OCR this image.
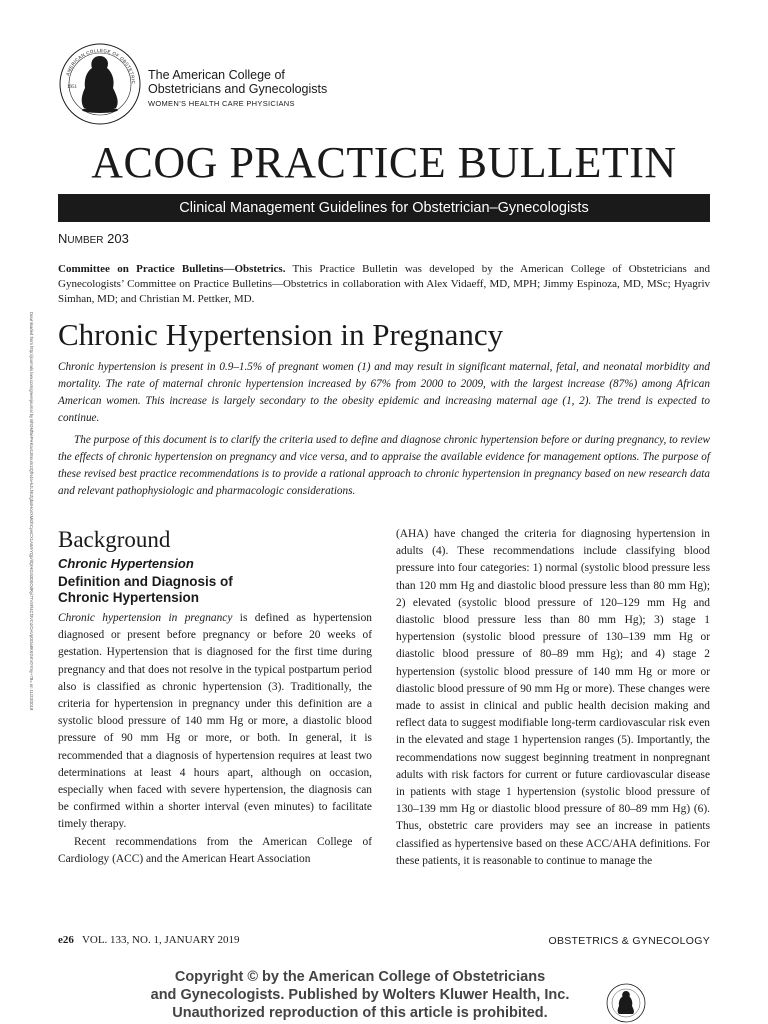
1951
AMERICAN COLLEGE OF OBSTETRIC
The American College of
Obstetricians and Gynecologists
WOMEN’S HEALTH CARE PHYSICIANS
ACOG PRACTICE BULLETIN
Clinical Management Guidelines for Obstetrician–Gynecologists
NUMBER 203
Committee on Practice Bulletins—Obstetrics. This Practice Bulletin was developed by the American College of Obstetricians and Gynecologists’ Committee on Practice Bulletins—Obstetrics in collaboration with Alex Vidaeff, MD, MPH; Jimmy Espinoza, MD, MSc; Hyagriv Simhan, MD; and Christian M. Pettker, MD.
Downloaded from http://journals.lww.com/greenjournal by BhDMf5ePHKav1zEoum1tQfN4a+kJLhEZgbsIHo4XMi0hCywCX1AWnYQp/IlQrHD3i3D0OdRyi7TvSFl4Cf3VC4/OAVpDDa8KKGKV0Ymy+78= on 11/23/2018 Chronic Hypertension in Pregnancy

Chronic hypertension is present in 0.9–1.5% of pregnant women (1) and may result in significant maternal, fetal, and neonatal morbidity and mortality. The rate of maternal chronic hypertension increased by 67% from 2000 to 2009, with the largest increase (87%) among African American women. This increase is largely secondary to the obesity epidemic and increasing maternal age (1, 2). The trend is expected to continue.

The purpose of this document is to clarify the criteria used to define and diagnose chronic hypertension before or during pregnancy, to review the effects of chronic hypertension on pregnancy and vice versa, and to appraise the available evidence for management options. The purpose of these revised best practice recommendations is to provide a rational approach to chronic hypertension in pregnancy based on new research data and relevant pathophysiologic and pharmacologic considerations.

Background
Chronic Hypertension
Definition and Diagnosis of
Chronic Hypertension

Chronic hypertension in pregnancy is defined as hypertension diagnosed or present before pregnancy or before 20 weeks of gestation. Hypertension that is diagnosed for the first time during pregnancy and that does not resolve in the typical postpartum period also is classified as chronic hypertension (3). Traditionally, the criteria for hypertension in pregnancy under this definition are a systolic blood pressure of 140 mm Hg or more, a diastolic blood pressure of 90 mm Hg or more, or both. In general, it is recommended that a diagnosis of hypertension requires at least two determinations at least 4 hours apart, although on occasion, especially when faced with severe hypertension, the diagnosis can be confirmed within a shorter interval (even minutes) to facilitate timely therapy.

Recent recommendations from the American College of Cardiology (ACC) and the American Heart Association

(AHA) have changed the criteria for diagnosing hypertension in adults (4). These recommendations include classifying blood pressure into four categories: 1) normal (systolic blood pressure less than 120 mm Hg and diastolic blood pressure less than 80 mm Hg); 2) elevated (systolic blood pressure of 120–129 mm Hg and diastolic blood pressure less than 80 mm Hg); 3) stage 1 hypertension (systolic blood pressure of 130–139 mm Hg or diastolic blood pressure of 80–89 mm Hg); and 4) stage 2 hypertension (systolic blood pressure of 140 mm Hg or more or diastolic blood pressure of 90 mm Hg or more). These changes were made to assist in clinical and public health decision making and reflect data to suggest modifiable long-term cardiovascular risk even in the elevated and stage 1 hypertension ranges (5). Importantly, the recommendations now suggest beginning treatment in nonpregnant adults with risk factors for current or future cardiovascular disease in patients with stage 1 hypertension (systolic blood pressure of 130–139 mm Hg or diastolic blood pressure of 80–89 mm Hg) (6). Thus, obstetric care providers may see an increase in patients classified as hypertensive based on these ACC/AHA definitions. For these patients, it is reasonable to continue to manage the

e26 VOL. 133, NO. 1, JANUARY 2019	OBSTETRICS & GYNECOLOGY
Copyright © by the American College of Obstetricians
and Gynecologists. Published by Wolters Kluwer Health, Inc.
Unauthorized reproduction of this article is prohibited.
